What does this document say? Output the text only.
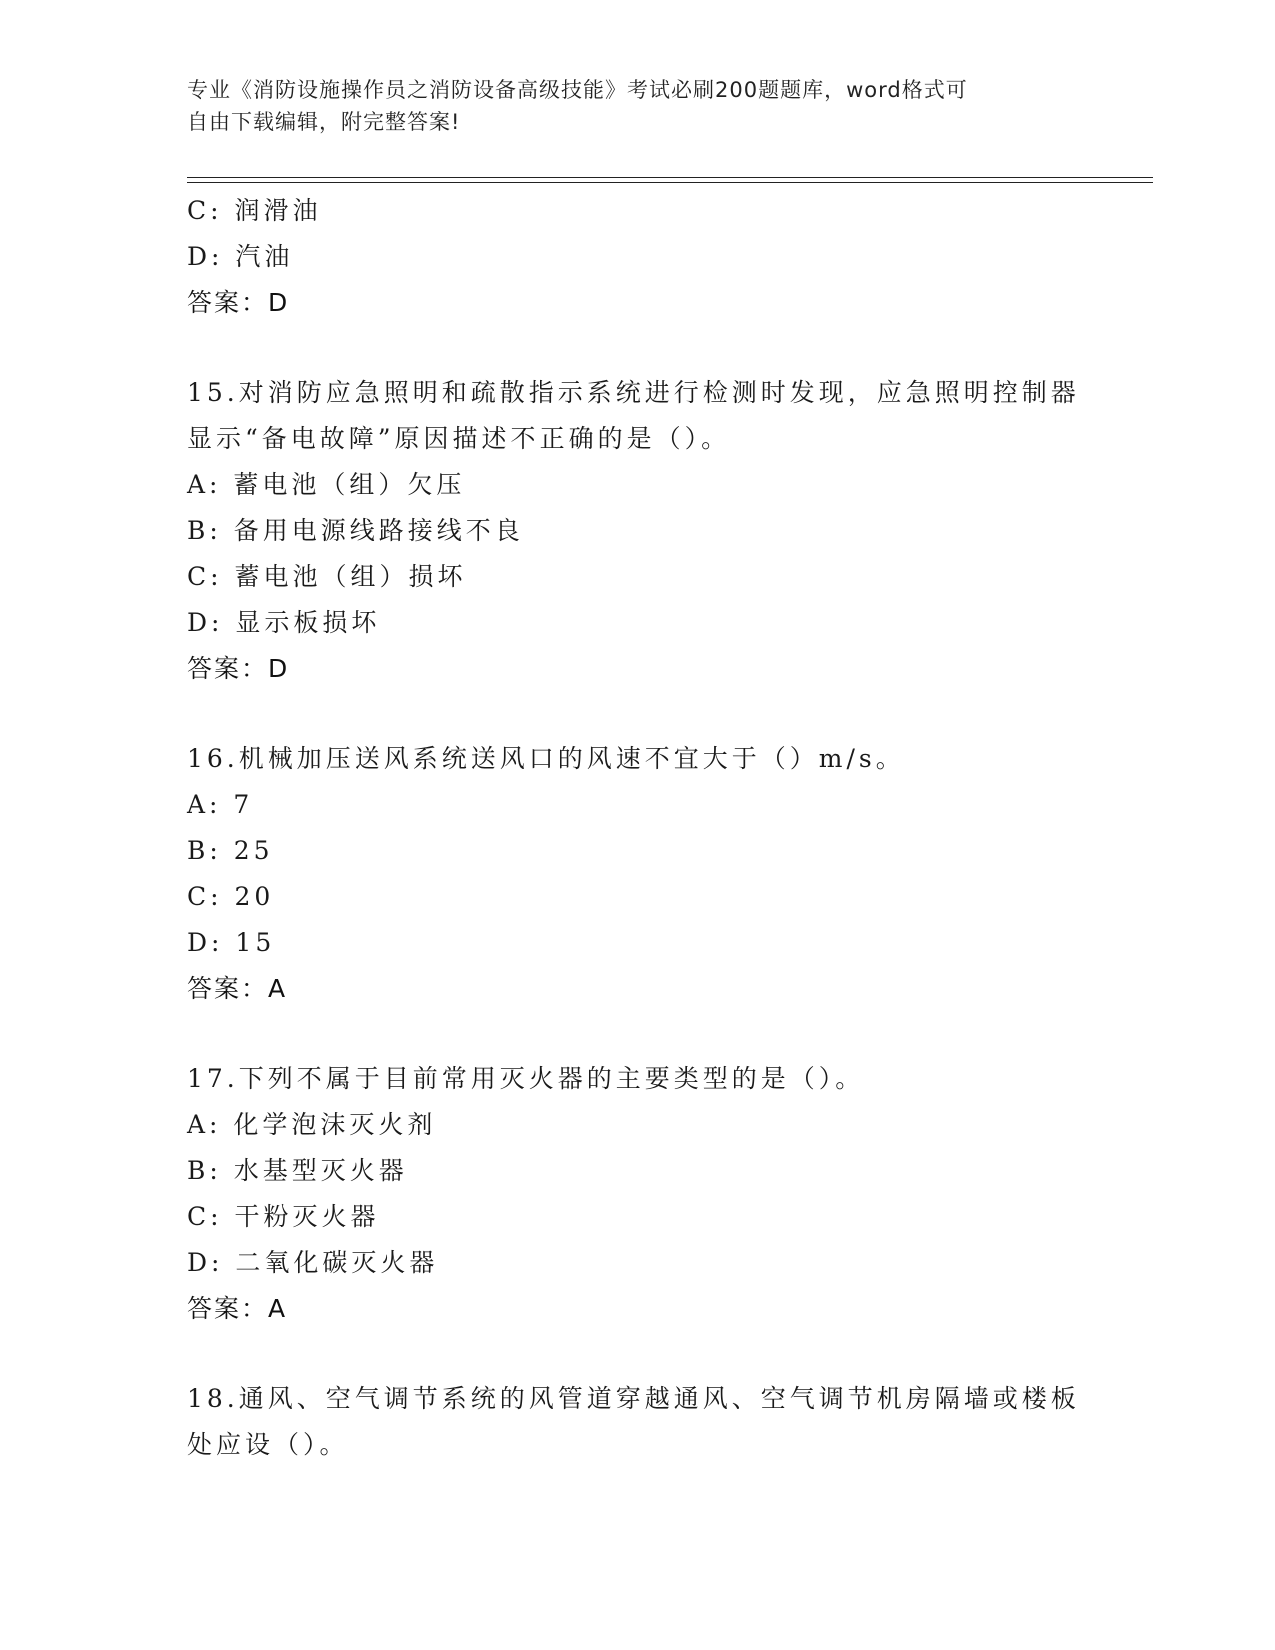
专业《消防设施操作员之消防设备高级技能》考试必刷200题题库，word格式可
自由下载编辑，附完整答案!
C: 润滑油
D: 汽油
答案：D
15.对消防应急照明和疏散指示系统进行检测时发现，应急照明控制器
显示“备电故障”原因描述不正确的是（）。
A: 蓄电池（组）欠压
B: 备用电源线路接线不良
C: 蓄电池（组）损坏
D: 显示板损坏
答案：D
16.机械加压送风系统送风口的风速不宜大于（）m/s。
A: 7
B: 25
C: 20
D: 15
答案：A
17.下列不属于目前常用灭火器的主要类型的是（）。
A: 化学泡沫灭火剂
B: 水基型灭火器
C: 干粉灭火器
D: 二氧化碳灭火器
答案：A
18.通风、空气调节系统的风管道穿越通风、空气调节机房隔墙或楼板
处应设（）。
